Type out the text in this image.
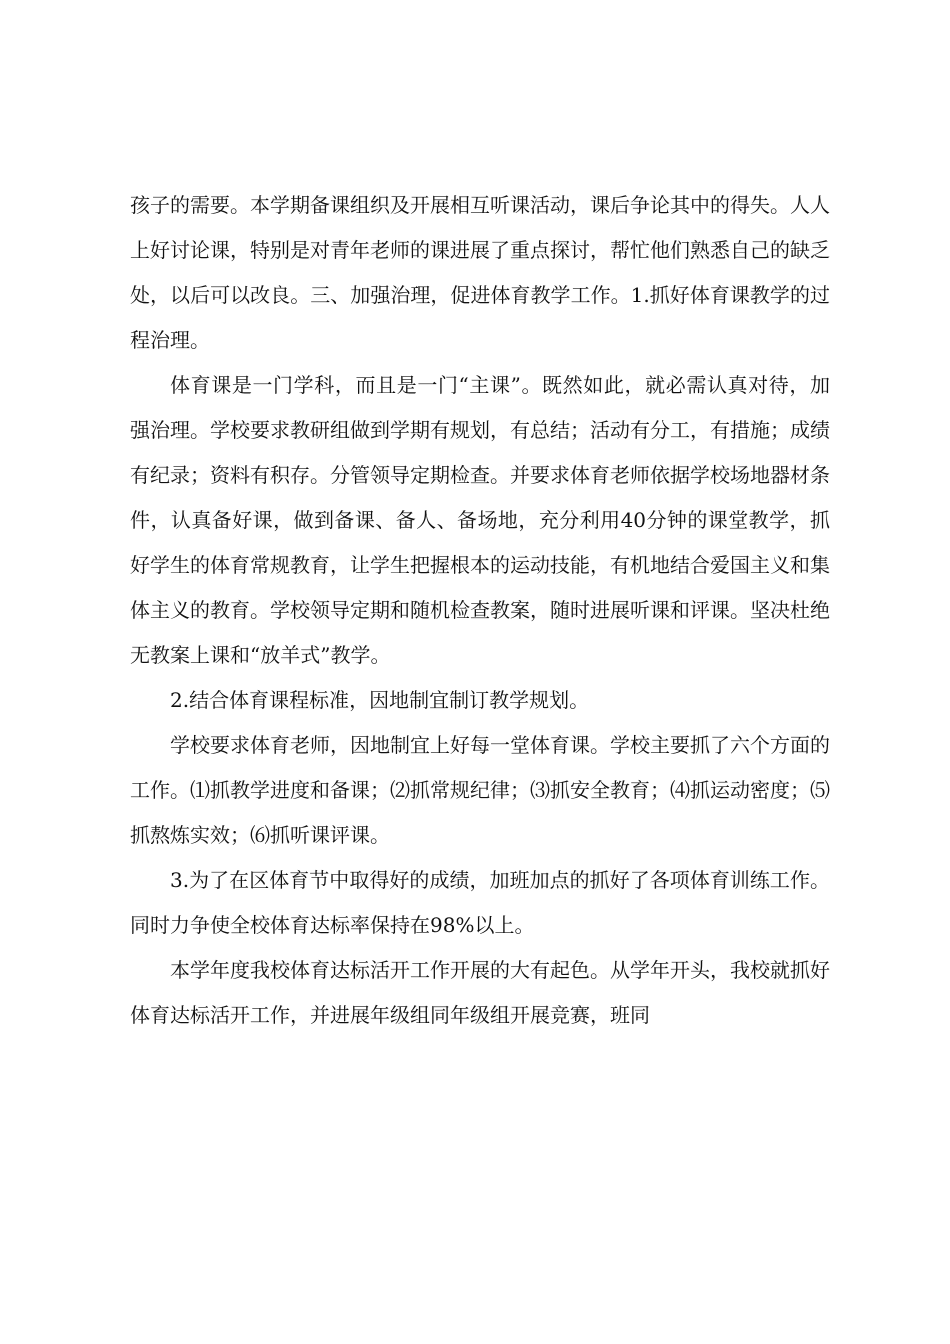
孩子的需要。本学期备课组织及开展相互听课活动，课后争论其中的得失。人人上好讨论课，特别是对青年老师的课进展了重点探讨，帮忙他们熟悉自己的缺乏处，以后可以改良。三、加强治理，促进体育教学工作。1.抓好体育课教学的过程治理。

体育课是一门学科，而且是一门“主课”。既然如此，就必需认真对待，加强治理。学校要求教研组做到学期有规划，有总结；活动有分工，有措施；成绩有纪录；资料有积存。分管领导定期检查。并要求体育老师依据学校场地器材条件，认真备好课，做到备课、备人、备场地，充分利用40分钟的课堂教学，抓好学生的体育常规教育，让学生把握根本的运动技能，有机地结合爱国主义和集体主义的教育。学校领导定期和随机检查教案，随时进展听课和评课。坚决杜绝无教案上课和“放羊式”教学。

2.结合体育课程标准，因地制宜制订教学规划。

学校要求体育老师，因地制宜上好每一堂体育课。学校主要抓了六个方面的工作。⑴抓教学进度和备课；⑵抓常规纪律；⑶抓安全教育；⑷抓运动密度；⑸抓熬炼实效；⑹抓听课评课。

3.为了在区体育节中取得好的成绩，加班加点的抓好了各项体育训练工作。同时力争使全校体育达标率保持在98%以上。

本学年度我校体育达标活开工作开展的大有起色。从学年开头，我校就抓好体育达标活开工作，并进展年级组同年级组开展竞赛，班同
